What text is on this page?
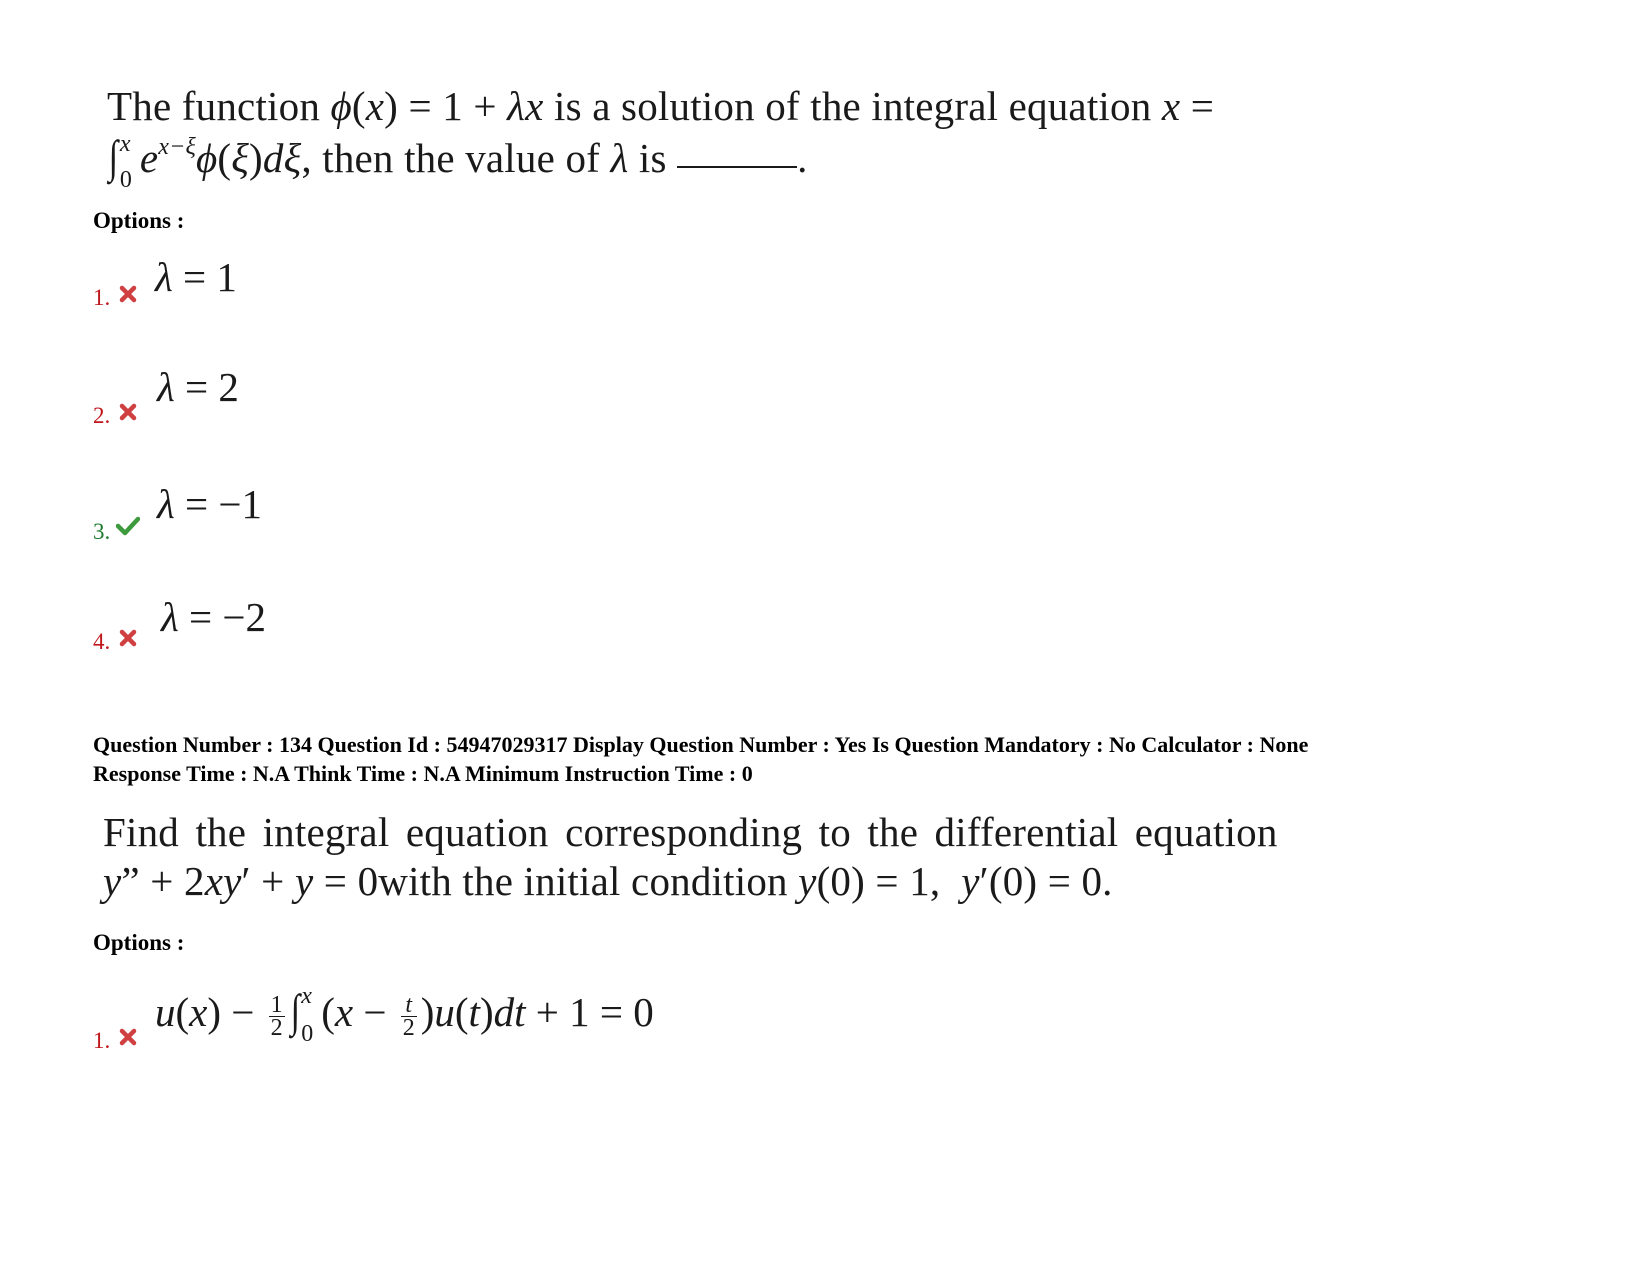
The function ϕ(x) = 1 + λx is a solution of the integral equation x =
∫ x
0 $e^{x-\xi}\phi(\xi)d\xi$, then the value of λ is	.
Options :
1. λ = 1
2.
λ = 2
3.
λ = −1
4.
λ = −2
Question Number : 134 Question Id : 54947029317 Display Question Number : Yes Is Question Mandatory : No Calculator : None
Response Time : N.A Think Time : N.A Minimum Instruction Time : 0
Find the integral equation corresponding to the differential equation
y” + 2xy′ + y = 0with the initial condition y(0) = 1,  y′(0) = 0.
Options :
1.
$u(x) - \frac{1}{2}$ ∫ x
0 $(x - \frac{t}{2} )u(t)dt + 1 = 0$
